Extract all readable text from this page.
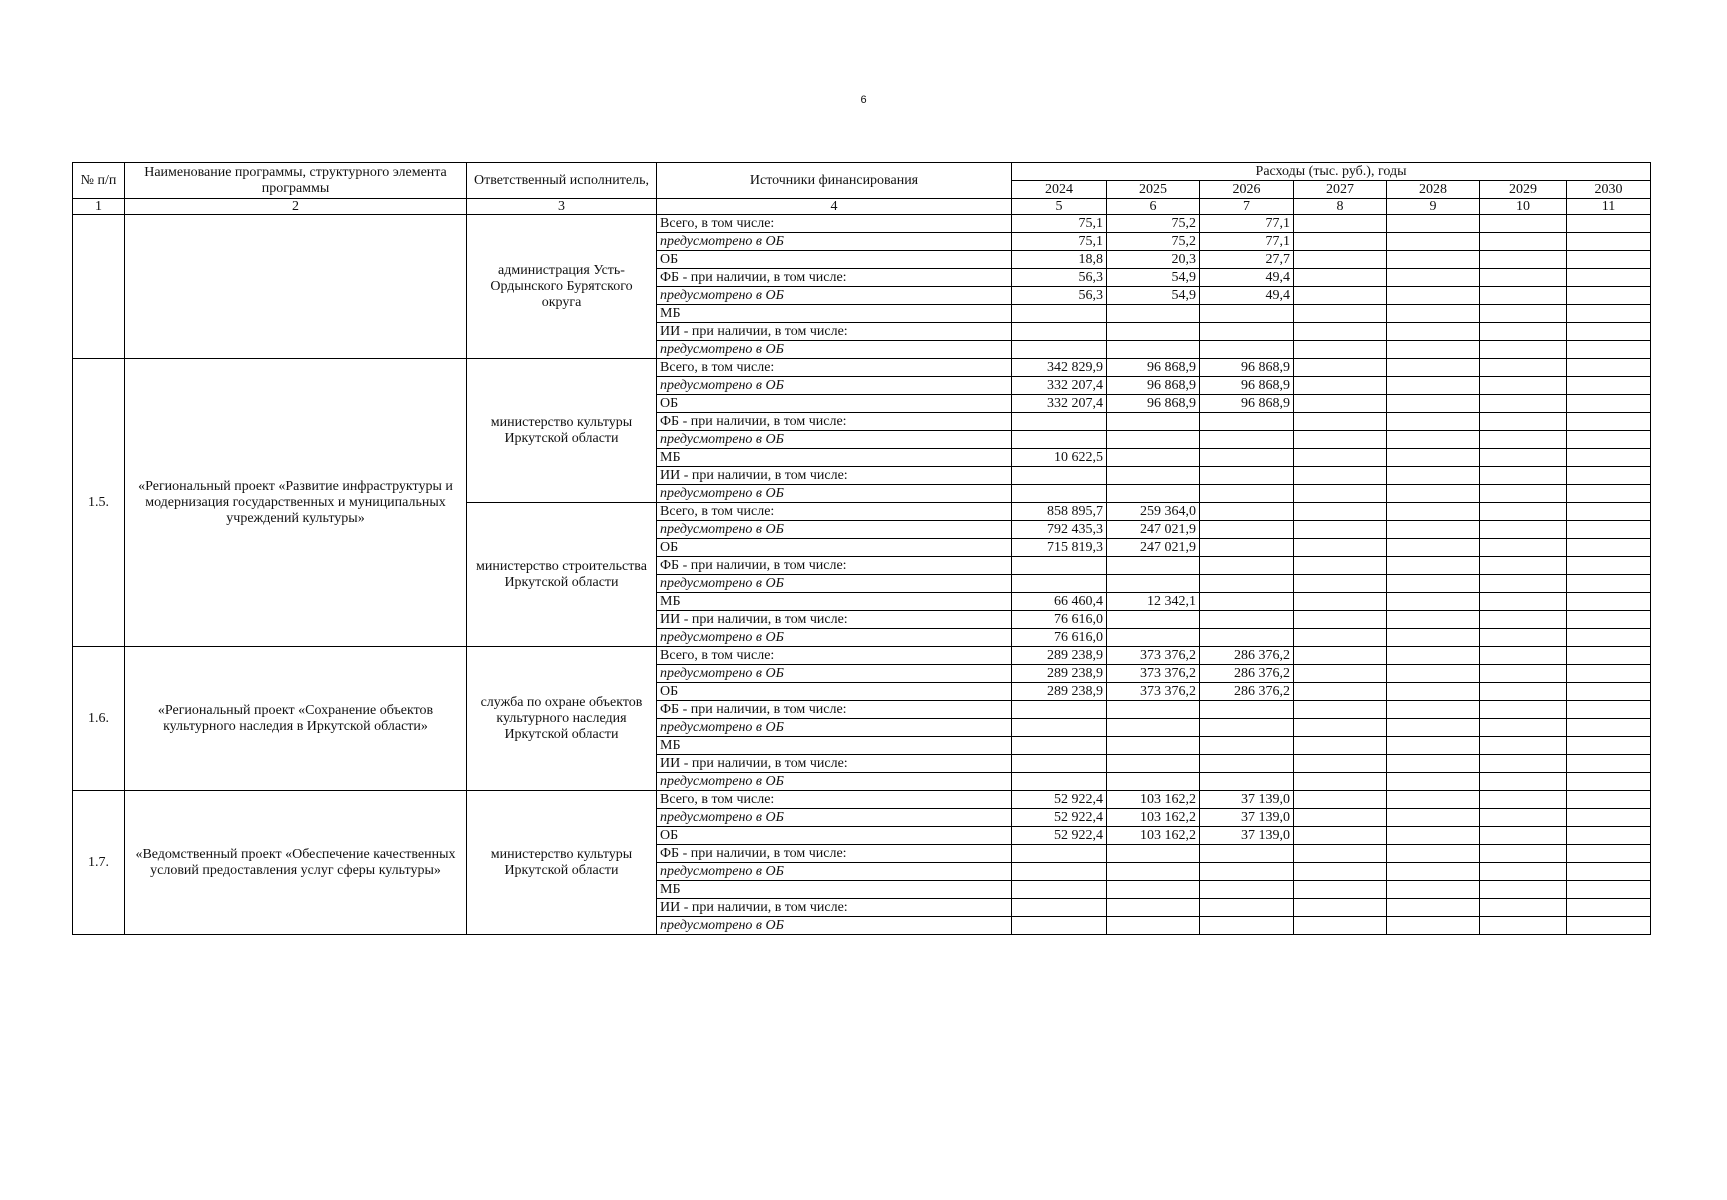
6
№ п/п	Наименование программы, структурного элемента программы	Ответственный исполнитель,	Источники финансирования	Расходы (тыс. руб.), годы						
				2024	2025	2026	2027	2028	2029	2030
1	2	3	4	5	6	7	8	9	10	11
		администрация Усть-Ордынского Бурятского округа	Всего, в том числе:	75,1	75,2	77,1				
			предусмотрено в ОБ	75,1	75,2	77,1				
			ОБ	18,8	20,3	27,7				
			ФБ - при наличии, в том числе:	56,3	54,9	49,4				
			предусмотрено в ОБ	56,3	54,9	49,4				
			МБ							
			ИИ - при наличии, в том числе:							
			предусмотрено в ОБ							
1.5.	«Региональный проект «Развитие инфраструктуры и модернизация государственных и муниципальных учреждений культуры»	министерство культуры Иркутской области	Всего, в том числе:	342 829,9	96 868,9	96 868,9				
			предусмотрено в ОБ	332 207,4	96 868,9	96 868,9				
			ОБ	332 207,4	96 868,9	96 868,9				
			ФБ - при наличии, в том числе:							
			предусмотрено в ОБ							
			МБ	10 622,5						
			ИИ - при наличии, в том числе:							
			предусмотрено в ОБ							
		министерство строительства Иркутской области	Всего, в том числе:	858 895,7	259 364,0					
			предусмотрено в ОБ	792 435,3	247 021,9					
			ОБ	715 819,3	247 021,9					
			ФБ - при наличии, в том числе:							
			предусмотрено в ОБ							
			МБ	66 460,4	12 342,1					
			ИИ - при наличии, в том числе:	76 616,0						
			предусмотрено в ОБ	76 616,0						
1.6.	«Региональный проект «Сохранение объектов культурного наследия в Иркутской области»	служба по охране объектов культурного наследия Иркутской области	Всего, в том числе:	289 238,9	373 376,2	286 376,2				
			предусмотрено в ОБ	289 238,9	373 376,2	286 376,2				
			ОБ	289 238,9	373 376,2	286 376,2				
			ФБ - при наличии, в том числе:							
			предусмотрено в ОБ							
			МБ							
			ИИ - при наличии, в том числе:							
			предусмотрено в ОБ							
1.7.	«Ведомственный проект «Обеспечение качественных условий предоставления услуг сферы культуры»	министерство культуры Иркутской области	Всего, в том числе:	52 922,4	103 162,2	37 139,0				
			предусмотрено в ОБ	52 922,4	103 162,2	37 139,0				
			ОБ	52 922,4	103 162,2	37 139,0				
			ФБ - при наличии, в том числе:							
			предусмотрено в ОБ							
			МБ							
			ИИ - при наличии, в том числе:							
			предусмотрено в ОБ							
